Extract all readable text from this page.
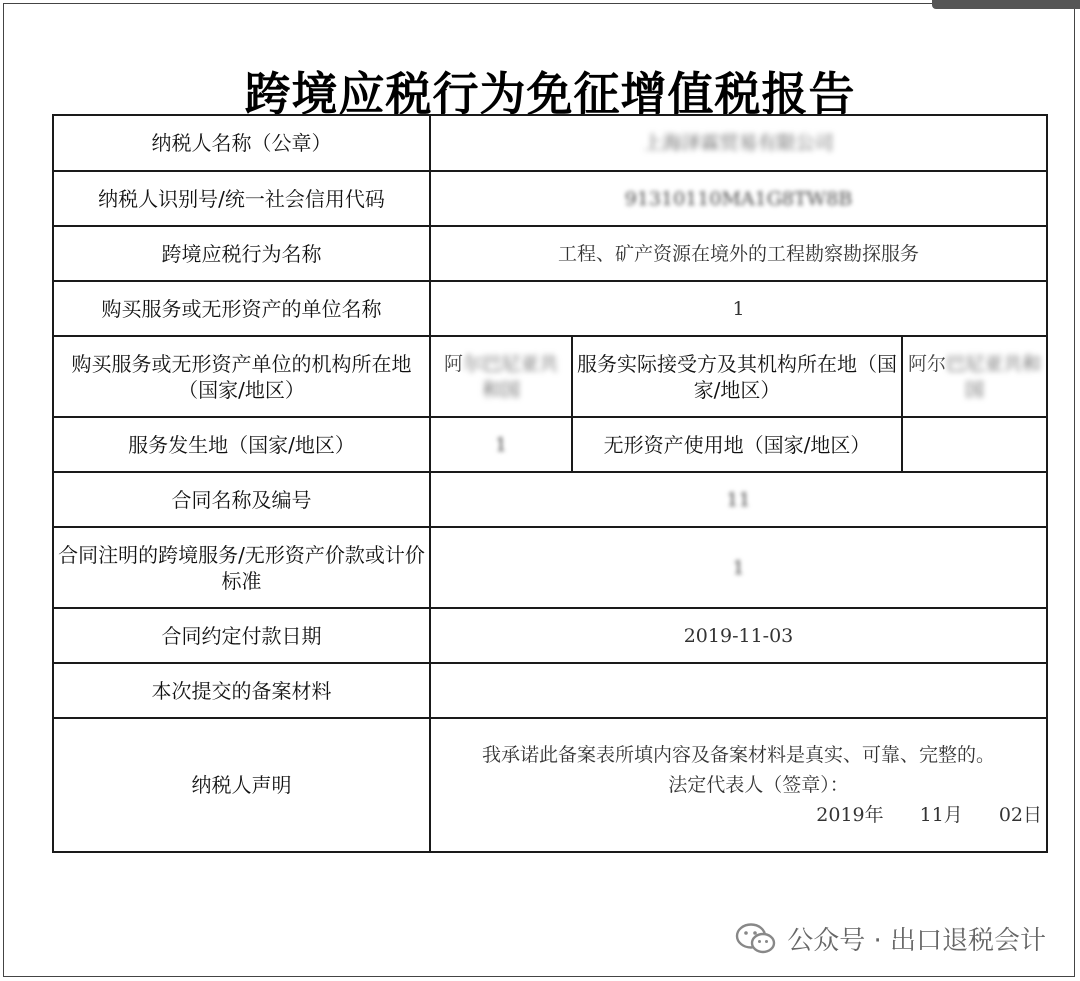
跨境应税行为免征增值税报告
纳税人名称（公章）	上海泽霖贸易有限公司		
纳税人识别号/统一社会信用代码	91310110MA1G8TW8B		
跨境应税行为名称	工程、矿产资源在境外的工程勘察勘探服务		
购买服务或无形资产的单位名称	1		
购买服务或无形资产单位的机构所在地（国家/地区）	阿尔巴尼亚共和国	服务实际接受方及其机构所在地（国家/地区）	阿尔巴尼亚共和国
服务发生地（国家/地区）	1	无形资产使用地（国家/地区）	
合同名称及编号	11		
合同注明的跨境服务/无形资产价款或计价标准	1		
合同约定付款日期	2019-11-03		
本次提交的备案材料			
纳税人声明	我承诺此备案表所填内容及备案材料是真实、可靠、完整的。
法定代表人（签章）：
2019年 11月 02日		
公众号 · 出口退税会计
